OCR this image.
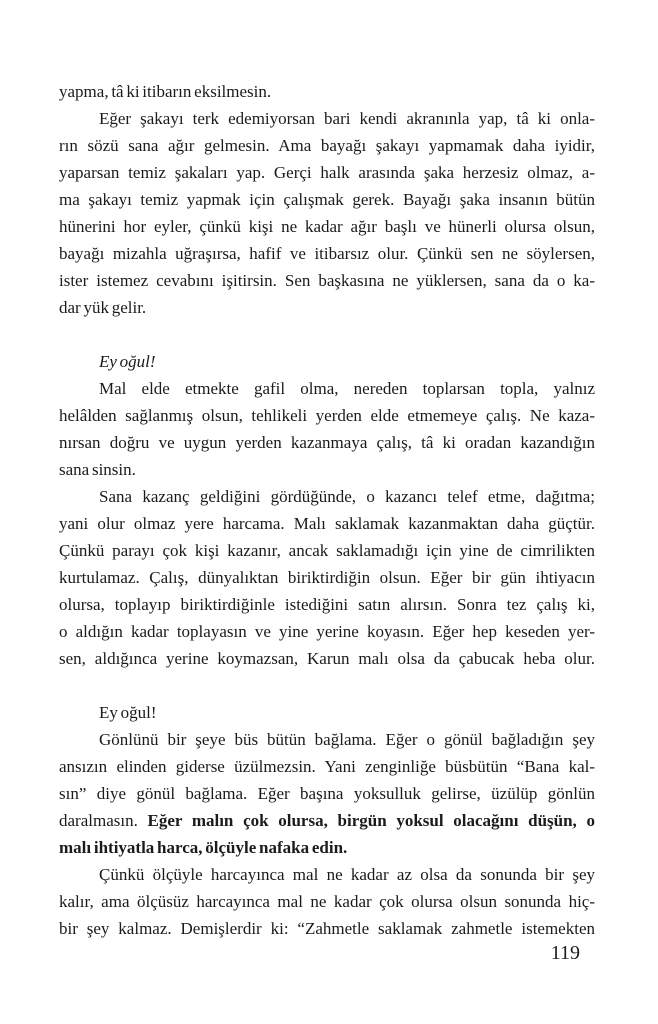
yapma, tâ ki itibarın eksilmesin.
Eğer şakayı terk edemiyorsan bari kendi akranınla yap, tâ ki onla-
rın sözü sana ağır gelmesin. Ama bayağı şakayı yapmamak daha iyidir,
yaparsan temiz şakaları yap. Gerçi halk arasında şaka herzesiz olmaz, a-
ma şakayı temiz yapmak için çalışmak gerek. Bayağı şaka insanın bütün
hünerini hor eyler, çünkü kişi ne kadar ağır başlı ve hünerli olursa olsun,
bayağı mizahla uğraşırsa, hafif ve itibarsız olur. Çünkü sen ne söylersen,
ister istemez cevabını işitirsin. Sen başkasına ne yüklersen, sana da o ka-
dar yük gelir.
Ey oğul!
Mal elde etmekte gafil olma, nereden toplarsan topla, yalnız
helâlden sağlanmış olsun, tehlikeli yerden elde etmemeye çalış. Ne kaza-
nırsan doğru ve uygun yerden kazanmaya çalış, tâ ki oradan kazandığın
sana sinsin.
Sana kazanç geldiğini gördüğünde, o kazancı telef etme, dağıtma;
yani olur olmaz yere harcama. Malı saklamak kazanmaktan daha güçtür.
Çünkü parayı çok kişi kazanır, ancak saklamadığı için yine de cimrilikten
kurtulamaz. Çalış, dünyalıktan biriktirdiğin olsun. Eğer bir gün ihtiyacın
olursa, toplayıp biriktirdiğinle istediğini satın alırsın. Sonra tez çalış ki,
o aldığın kadar toplayasın ve yine yerine koyasın. Eğer hep keseden yer-
sen, aldığınca yerine koymazsan, Karun malı olsa da çabucak heba olur.
Ey oğul!
Gönlünü bir şeye büs bütün bağlama. Eğer o gönül bağladığın şey
ansızın elinden giderse üzülmezsin. Yani zenginliğe büsbütün “Bana kal-
sın” diye gönül bağlama. Eğer başına yoksulluk gelirse, üzülüp gönlün
daralmasın. Eğer malın çok olursa, birgün yoksul olacağını düşün, o
malı ihtiyatla harca, ölçüyle nafaka edin.
Çünkü ölçüyle harcayınca mal ne kadar az olsa da sonunda bir şey
kalır, ama ölçüsüz harcayınca mal ne kadar çok olursa olsun sonunda hiç-
bir şey kalmaz. Demişlerdir ki: “Zahmetle saklamak zahmetle istemekten
119
